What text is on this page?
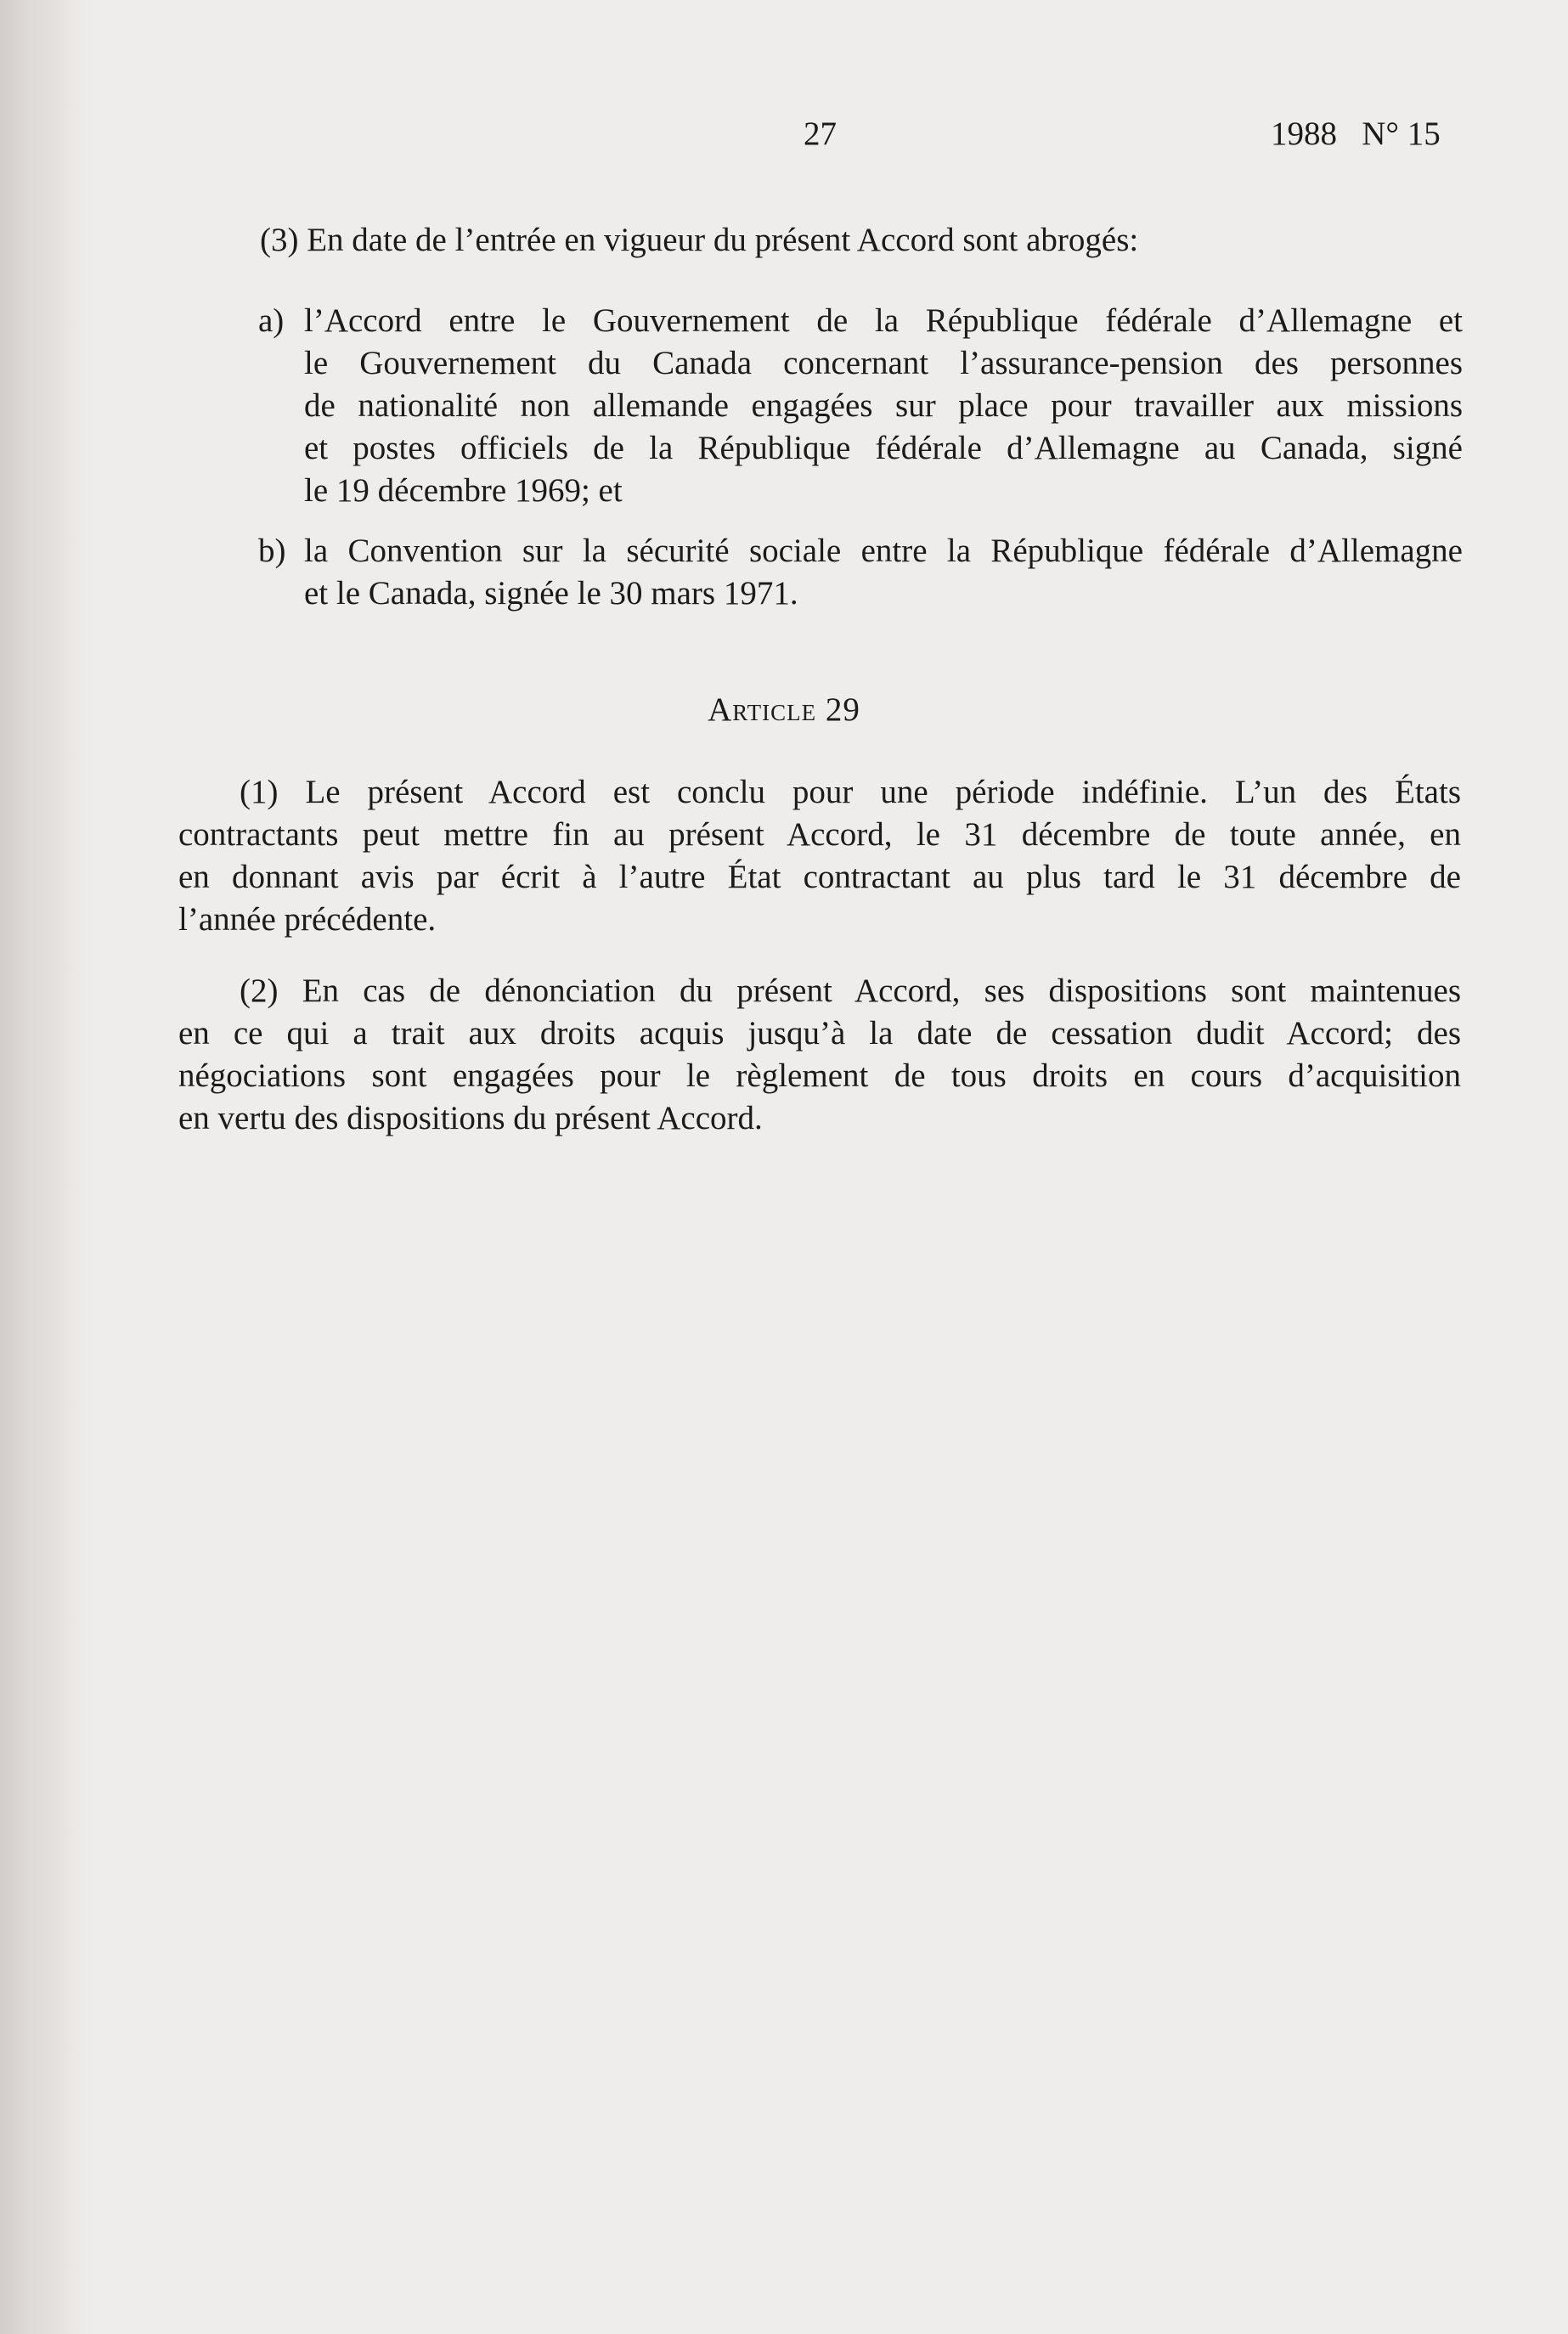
27	1988   N° 15
(3) En date de l’entrée en vigueur du présent Accord sont abrogés:
a) l’Accord entre le Gouvernement de la République fédérale d’Allemagne et
le Gouvernement du Canada concernant l’assurance-pension des personnes
de nationalité non allemande engagées sur place pour travailler aux missions
et postes officiels de la République fédérale d’Allemagne au Canada, signé
le 19 décembre 1969; et
b) la Convention sur la sécurité sociale entre la République fédérale d’Allemagne
et le Canada, signée le 30 mars 1971.
Article 29
(1) Le présent Accord est conclu pour une période indéfinie. L’un des États
contractants peut mettre fin au présent Accord, le 31 décembre de toute année, en
en donnant avis par écrit à l’autre État contractant au plus tard le 31 décembre de
l’année précédente.
(2) En cas de dénonciation du présent Accord, ses dispositions sont maintenues
en ce qui a trait aux droits acquis jusqu’à la date de cessation dudit Accord; des
négociations sont engagées pour le règlement de tous droits en cours d’acquisition
en vertu des dispositions du présent Accord.
